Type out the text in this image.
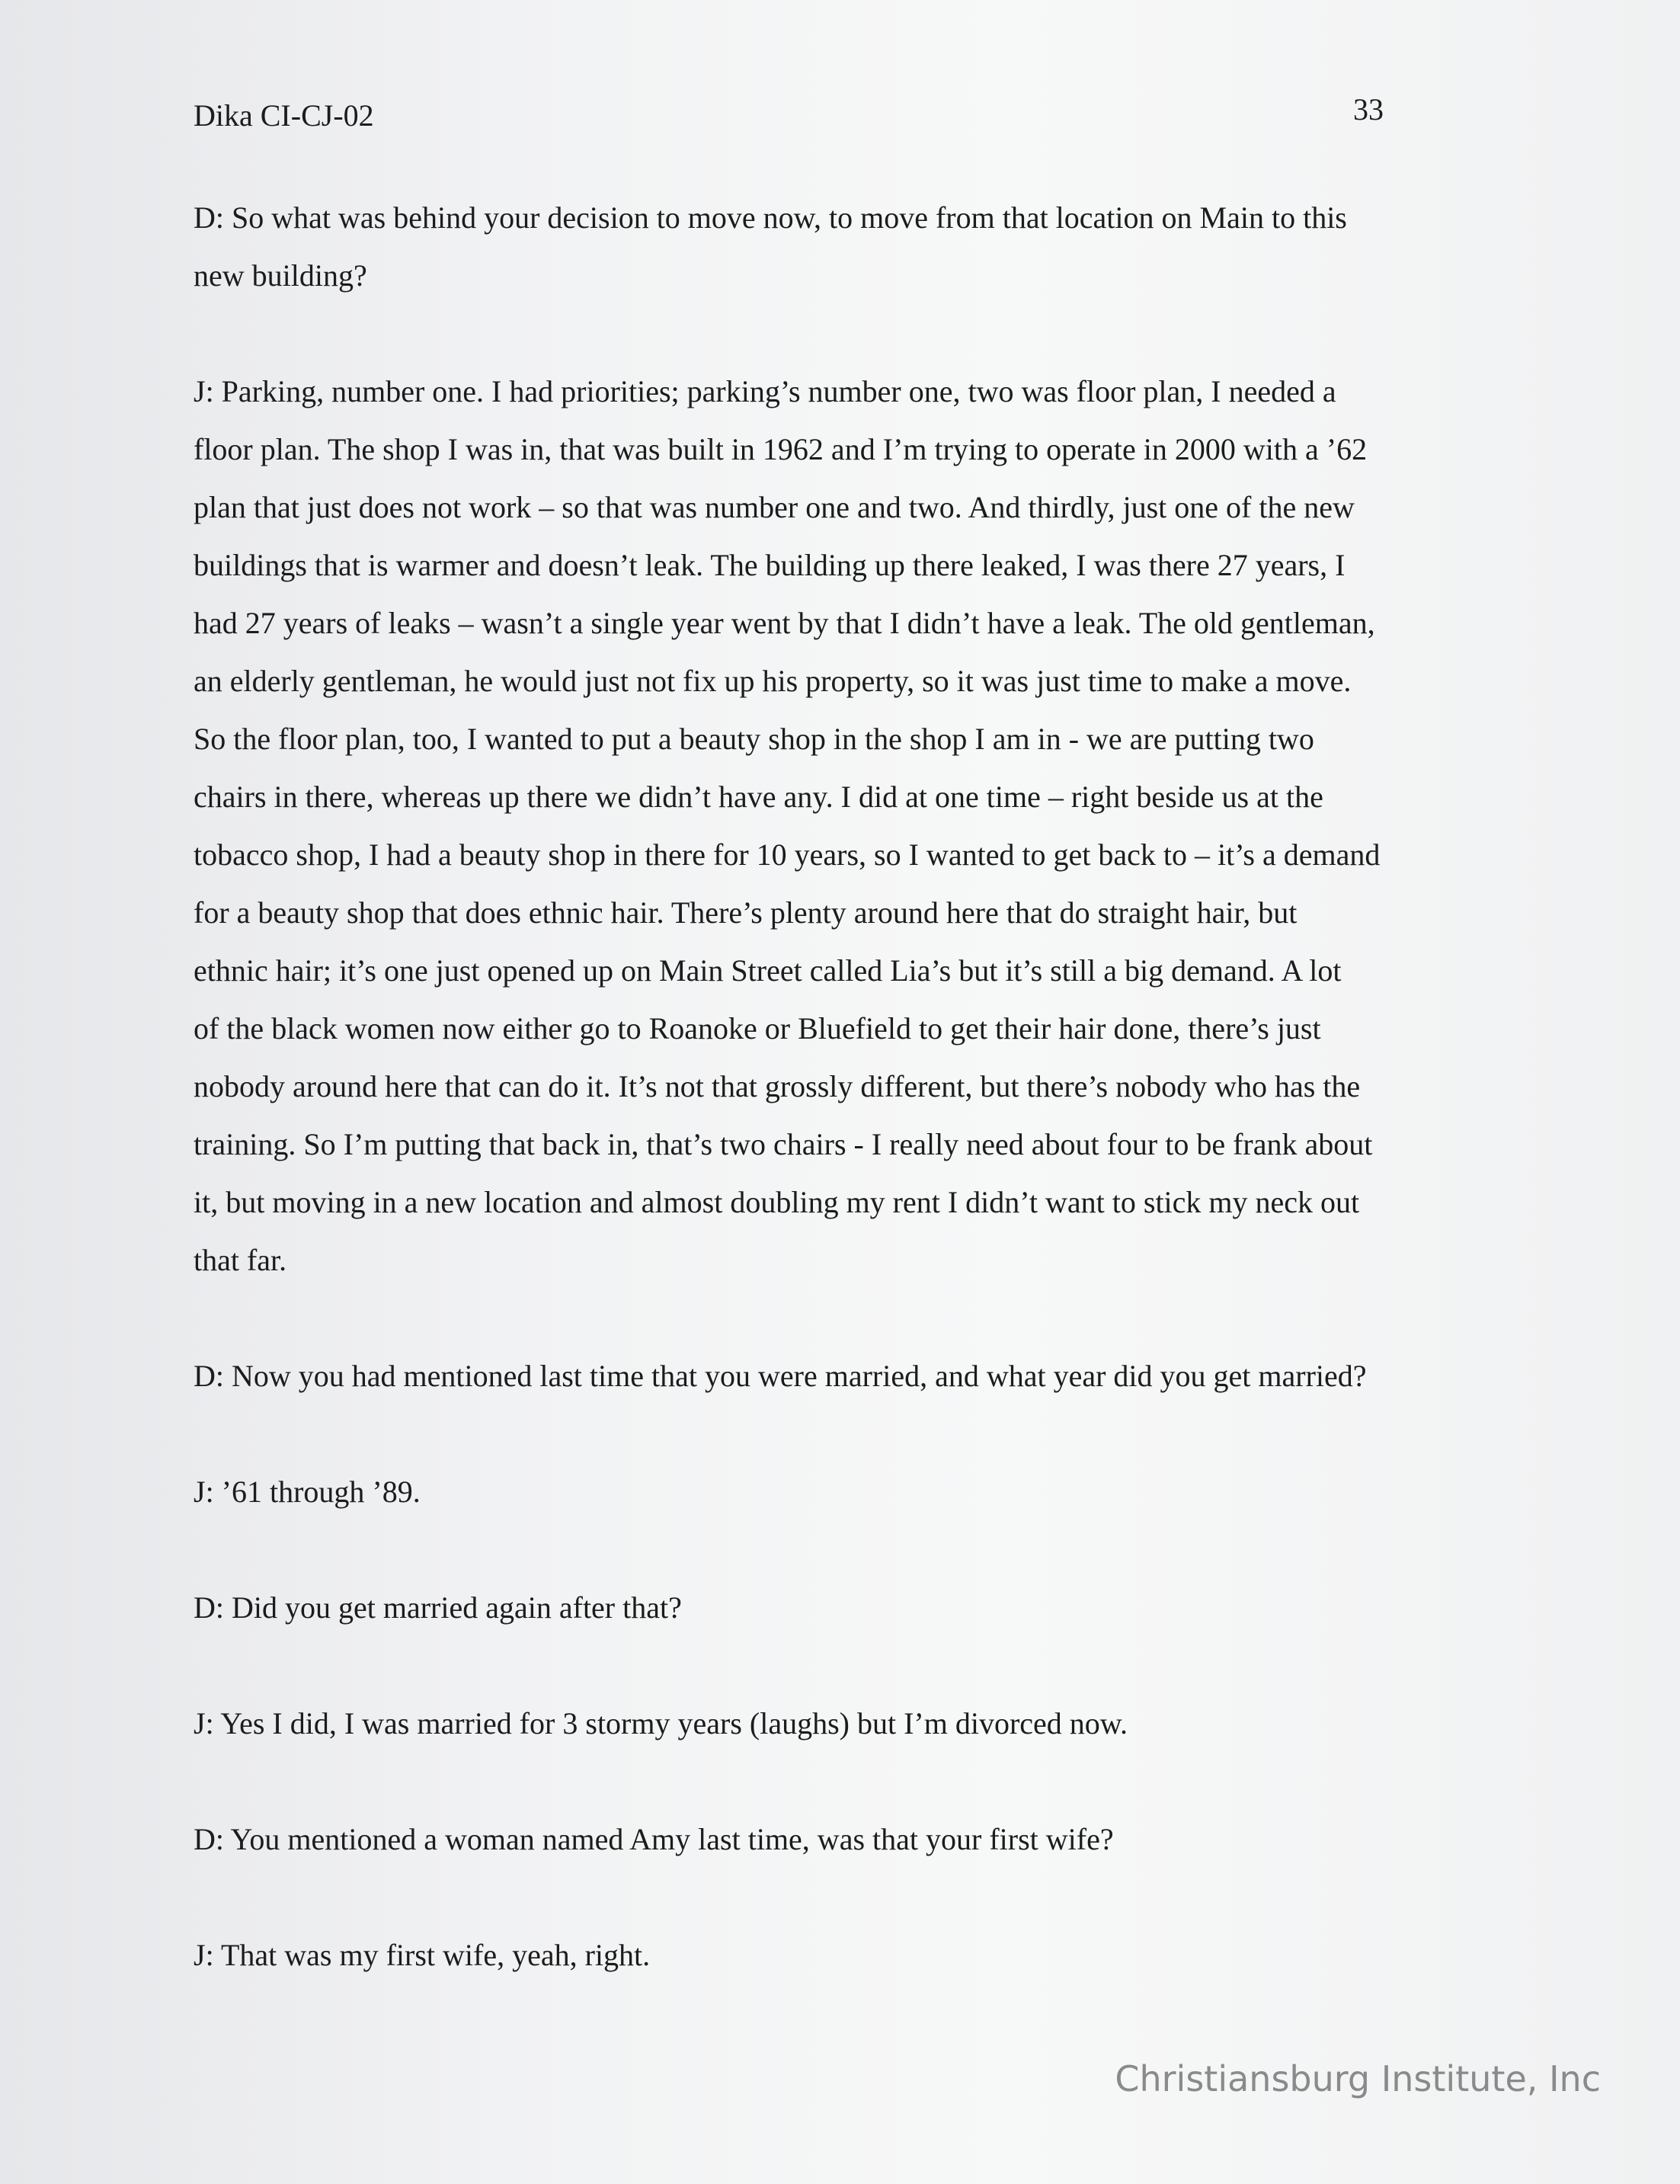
Dika CI-CJ-02	33

D: So what was behind your decision to move now, to move from that location on Main to this
new building?

J: Parking, number one. I had priorities; parking’s number one, two was floor plan, I needed a
floor plan. The shop I was in, that was built in 1962 and I’m trying to operate in 2000 with a ’62
plan that just does not work – so that was number one and two. And thirdly, just one of the new
buildings that is warmer and doesn’t leak. The building up there leaked, I was there 27 years, I
had 27 years of leaks – wasn’t a single year went by that I didn’t have a leak. The old gentleman,
an elderly gentleman, he would just not fix up his property, so it was just time to make a move.
So the floor plan, too, I wanted to put a beauty shop in the shop I am in - we are putting two
chairs in there, whereas up there we didn’t have any. I did at one time – right beside us at the
tobacco shop, I had a beauty shop in there for 10 years, so I wanted to get back to – it’s a demand
for a beauty shop that does ethnic hair. There’s plenty around here that do straight hair, but
ethnic hair; it’s one just opened up on Main Street called Lia’s but it’s still a big demand. A lot
of the black women now either go to Roanoke or Bluefield to get their hair done, there’s just
nobody around here that can do it. It’s not that grossly different, but there’s nobody who has the
training. So I’m putting that back in, that’s two chairs - I really need about four to be frank about
it, but moving in a new location and almost doubling my rent I didn’t want to stick my neck out
that far.

D: Now you had mentioned last time that you were married, and what year did you get married?

J: ’61 through ’89.

D: Did you get married again after that?

J: Yes I did, I was married for 3 stormy years (laughs) but I’m divorced now.

D: You mentioned a woman named Amy last time, was that your first wife?

J: That was my first wife, yeah, right.

Christiansburg Institute, Inc
